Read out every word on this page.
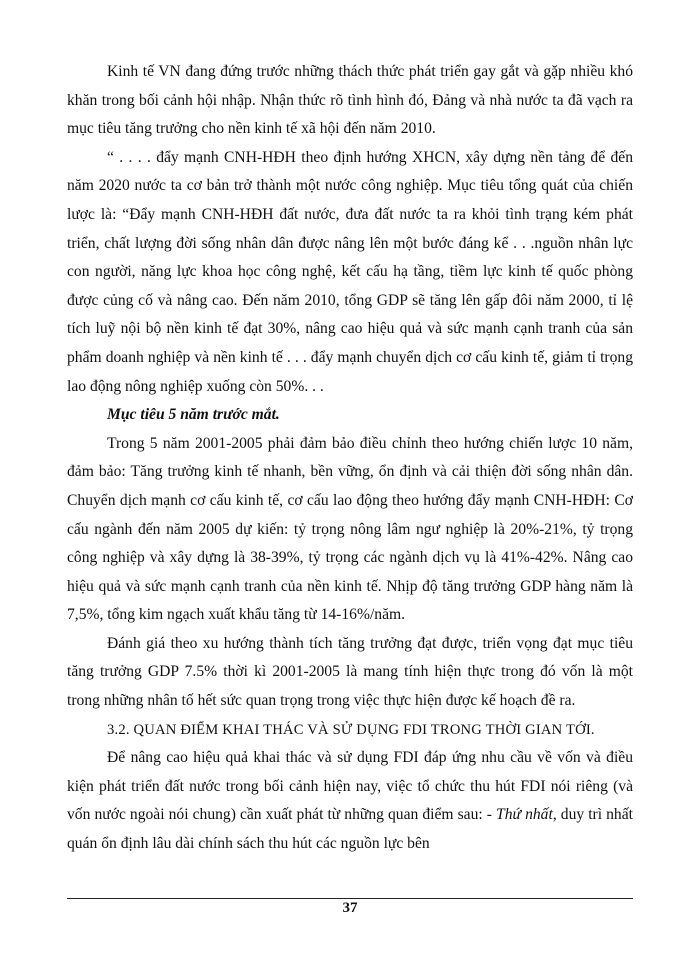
Kinh tế VN đang đứng trước những thách thức phát triển gay gắt và gặp nhiều khó khăn trong bối cảnh hội nhập. Nhận thức rõ tình hình đó, Đảng và nhà nước ta đã vạch ra mục tiêu tăng trưởng cho nền kinh tế xã hội đến năm 2010.

“ . . . . đẩy mạnh CNH-HĐH theo định hướng XHCN, xây dựng nền tảng để đến năm 2020 nước ta cơ bản trở thành một nước công nghiệp. Mục tiêu tổng quát của chiến lược là: “Đẩy mạnh CNH-HĐH đất nước, đưa đất nước ta ra khỏi tình trạng kém phát triển, chất lượng đời sống nhân dân được nâng lên một bước đáng kể . . .nguồn nhân lực con người, năng lực khoa học công nghệ, kết cấu hạ tầng, tiềm lực kinh tế quốc phòng được củng cố và nâng cao. Đến năm 2010, tổng GDP sẽ tăng lên gấp đôi năm 2000, tỉ lệ tích luỹ nội bộ nền kinh tế đạt 30%, nâng cao hiệu quả và sức mạnh cạnh tranh của sản phẩm doanh nghiệp và nền kinh tế . . . đẩy mạnh chuyển dịch cơ cấu kinh tế, giảm tỉ trọng lao động nông nghiệp xuống còn 50%. . .

Mục tiêu 5 năm trước mắt.

Trong 5 năm 2001-2005 phải đảm bảo điều chỉnh theo hướng chiến lược 10 năm, đảm bảo: Tăng trưởng kinh tế nhanh, bền vững, ổn định và cải thiện đời sống nhân dân. Chuyển dịch mạnh cơ cấu kinh tế, cơ cấu lao động theo hướng đẩy mạnh CNH-HĐH: Cơ cấu ngành đến năm 2005 dự kiến: tỷ trọng nông lâm ngư nghiệp là 20%-21%, tỷ trọng công nghiệp và xây dựng là 38-39%, tỷ trọng các ngành dịch vụ là 41%-42%. Nâng cao hiệu quả và sức mạnh cạnh tranh của nền kinh tế. Nhịp độ tăng trưởng GDP hàng năm là 7,5%, tổng kim ngạch xuất khẩu tăng từ 14-16%/năm.

Đánh giá theo xu hướng thành tích tăng trưởng đạt được, triển vọng đạt mục tiêu tăng trưởng GDP 7.5% thời kì 2001-2005 là mang tính hiện thực trong đó vốn là một trong những nhân tố hết sức quan trọng trong việc thực hiện được kế hoạch đề ra.

3.2. QUAN ĐIỂM KHAI THÁC VÀ SỬ DỤNG FDI TRONG THỜI GIAN TỚI.

Để nâng cao hiệu quả khai thác và sử dụng FDI đáp ứng nhu cầu về vốn và điều kiện phát triển đất nước trong bối cảnh hiện nay, việc tổ chức thu hút FDI nói riêng (và vốn nước ngoài nói chung) cần xuất phát từ những quan điểm sau: - Thứ nhất, duy trì nhất quán ổn định lâu dài chính sách thu hút các nguồn lực bên

37
